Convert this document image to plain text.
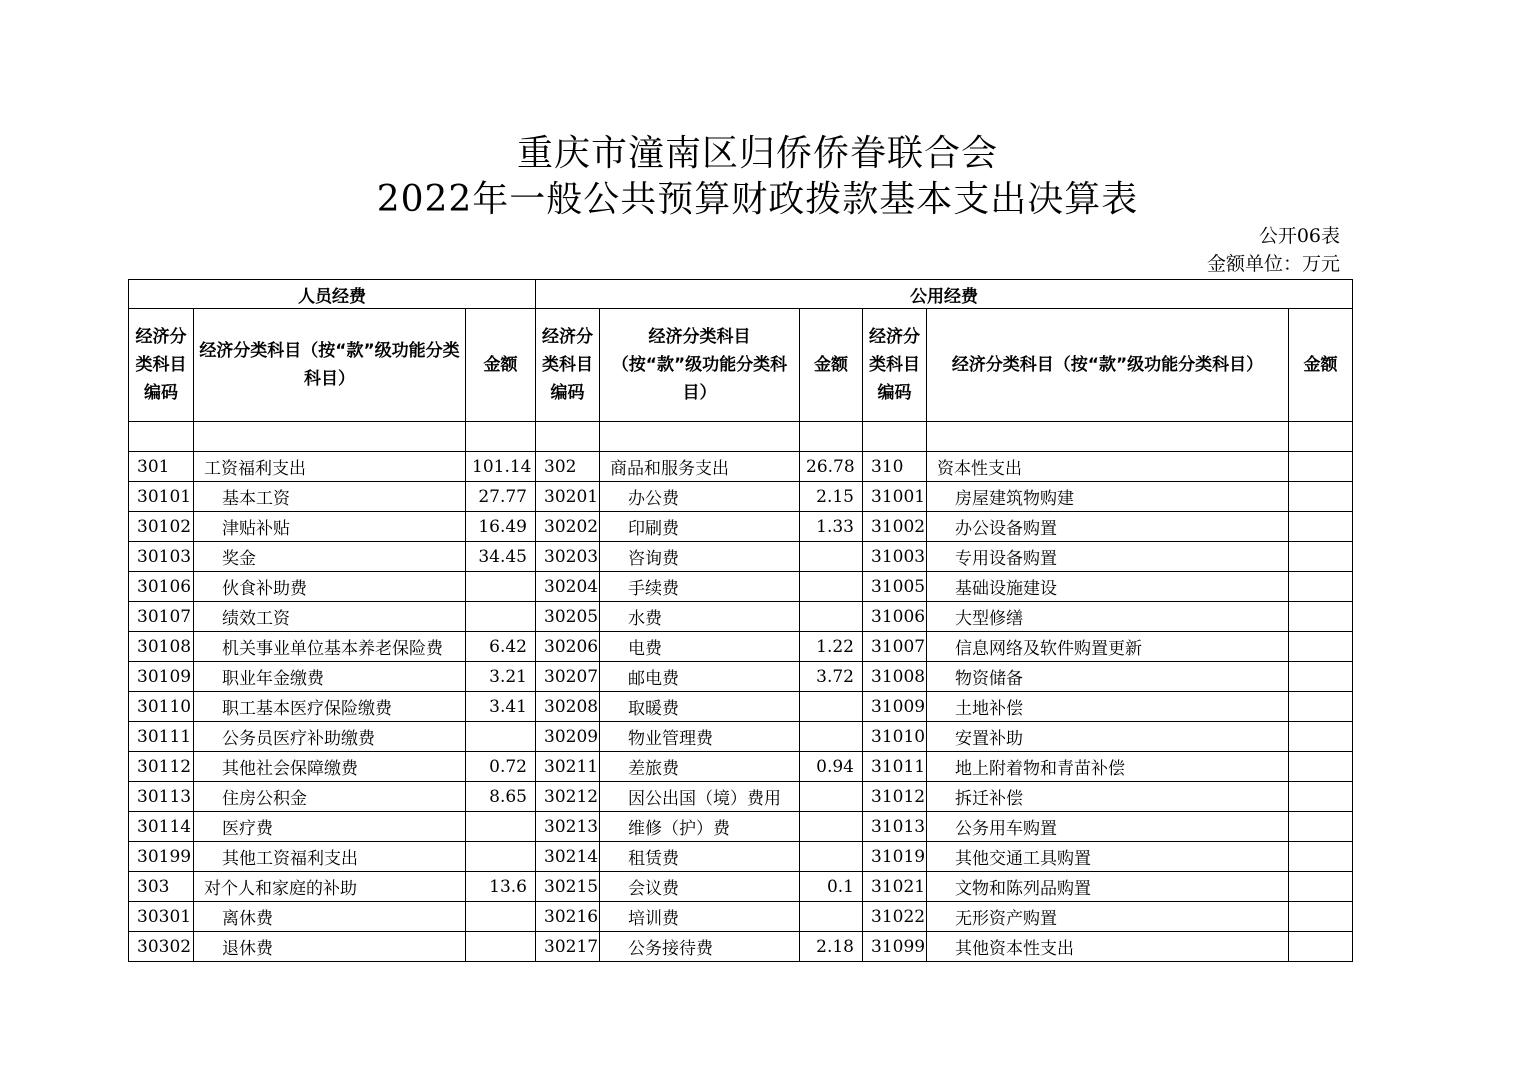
重庆市潼南区归侨侨眷联合会
2022年一般公共预算财政拨款基本支出决算表
公开06表
金额单位：万元
人员经费			公用经费					
经济分类科目编码	经济分类科目（按“款”级功能分类科目）	金额	经济分类科目编码	经济分类科目（按“款”级功能分类科目）	金额	经济分类科目编码	经济分类科目（按“款”级功能分类科目）	金额

301	工资福利支出	101.14	302	商品和服务支出	26.78	310	资本性支出	
30101	基本工资	27.77	30201	办公费	2.15	31001	房屋建筑物购建	
30102	津贴补贴	16.49	30202	印刷费	1.33	31002	办公设备购置	
30103	奖金	34.45	30203	咨询费		31003	专用设备购置	
30106	伙食补助费		30204	手续费		31005	基础设施建设	
30107	绩效工资		30205	水费		31006	大型修缮	
30108	机关事业单位基本养老保险费	6.42	30206	电费	1.22	31007	信息网络及软件购置更新	
30109	职业年金缴费	3.21	30207	邮电费	3.72	31008	物资储备	
30110	职工基本医疗保险缴费	3.41	30208	取暖费		31009	土地补偿	
30111	公务员医疗补助缴费		30209	物业管理费		31010	安置补助	
30112	其他社会保障缴费	0.72	30211	差旅费	0.94	31011	地上附着物和青苗补偿	
30113	住房公积金	8.65	30212	因公出国（境）费用		31012	拆迁补偿	
30114	医疗费		30213	维修（护）费		31013	公务用车购置	
30199	其他工资福利支出		30214	租赁费		31019	其他交通工具购置	
303	对个人和家庭的补助	13.6	30215	会议费	0.1	31021	文物和陈列品购置	
30301	离休费		30216	培训费		31022	无形资产购置	
30302	退休费		30217	公务接待费	2.18	31099	其他资本性支出	
